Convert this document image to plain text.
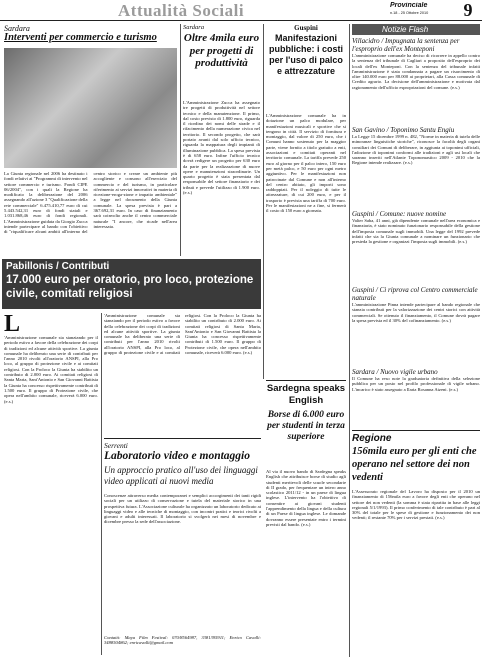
Attualità Sociali	Provinciale
n.18 - 25 Ottobre 2010	9
Sardara
Interventi per commercio e turismo
La Giunta regionale nel 2006 ha destinato i fondi relativi ai "Programmi di intervento nel settore commercio e turismo. Fondi CIPE 06/2004", con i quali la Regione ha modificato la deliberazione del 2006 assegnando all'azione 3 "Qualificazione della rete commerciale" 6.475.410,77 euro di cui 5.443.542,31 euro di fondi statali e 1.031.868,46 euro di fondi regionali. L'Amministrazione guidata da Giorgio Zucca intende partecipare al bando con l'obiettivo di "riqualificare alcuni ambiti all'interno del centro storico e creare un ambiente più accogliente e consono all'esercizio del commercio e del turismo, in particolare riferimento ai servizi innovativi in materia di ricezione-eroga-zione e impatto ambientale" a legge nel documento della Giunta comunale. La spesa prevista è pari a 367.692,31 euro. In caso di finanziamento sarà coinvolto anche il centro commerciale naturale "I ancore, che ricade nell'area interessata.
Sardara
Oltre 4mila euro per progetti di produttività
L'Amministrazione Zucca ha assegnato tre progetti di produttività nel settore tecnico e della manutenzione. Il primo, dal costo previsto di 1.800 euro, riguarda il riordino dei nomi delle strade e il rifacimento della numerazione civica nel territorio. Il secondo progetto, che sarà portato avanti dal solo ufficio tecnico, riguarda la mappatura degli impianti di illuminazione pubblica. La spesa prevista è di 658 euro. Infine l'ufficio tecnico dovrà redigere un progetto per 630 euro da parte per la realizzazione di nuove opere e manutenzioni straordinarie. Un quarto progetto è stata presentata dal responsabile del settore finanziario e dei tributi e prevede l'utilizzo di 1.900 euro. (e.s.)
Guspini
Manifestazioni pubbliche: i costi per l'uso di palco e attrezzature
L'Amministrazione comunale ha in dotazione un palco modulare, per manifestazioni musicali e sportive che si tengono in città. Il servizio di fornitura e montaggio, dal valore di 250 euro, che i Comuni hanno sostenuto per la maggior parte, viene fornito a titolo gratuito a enti, associazioni e comitati operanti nel territorio comunale. La tariffa prevede 250 euro al giorno per il palco intero, 150 euro per metà palco, e 50 euro per ogni metro aggiuntivo. Per le manifestazioni non patrocinate dal Comune e non all'interno del centro abitato, gli importi sono raddoppiati. Per il noleggio di tutte le attrezzature, di cui 200 euro, e per il trasporto è prevista una tariffa di 700 euro. Per le manifestazioni ne a fine, si fermerà il costo di 150 euro a giornata.
Notizie Flash
Villacidro / Impugnata la sentenza per l'esproprio dell'ex Monteponi
L'amministrazione comunale ha deciso di ricorrere in appello contro la sentenza del tribunale di Cagliari a proposito dell'esproprio dei locali dell'ex Monteponi. Con la sentenza del tribunale infatti l'amministrazione è stata condannata a pagare un risarcimento di oltre 140.000 euro per 88.000 ai proprietari, alla Cassa comunale di Credito agrario. La decisione dell'amministrazione e motivata dal ragionamento dell'ufficio espropriazioni del comune. (e.s.)
San Gavino / Toponimo Santu Engiu
La Legge 15 dicembre 1999 n. 482, "Norme in materia di tutela delle minoranze linguistiche storiche", riconosce la facoltà degli organi consiliari dei Comuni di deliberare, in aggiunta ai toponimi ufficiali, l'adozione di toponimi conformi alle tradizioni e agli usi locali che saranno inseriti nell'Atlante Toponomastico 2009 - 2010 che la Regione intende realizzare. (e.s.)
Guspini / Comune: nuove nomine
Valter Saba, 41 anni, già dipendente comunale nell'area economica e finanziaria, è stato nominato funzionario responsabile della gestione dell'imposta comunale sugli immobili. Una legge del 1992 prevede infatti che sia la Giunta comunale a nominare un funzionario che presieda la gestione e organizzi l'imposta sugli immobili. (e.s.)
Guspini / Ci riprova col Centro commerciale naturale
L'amministrazione Pinna intende partecipare al bando regionale che stanzia contributi per la valorizzazione dei centri storici con attività commerciali. Se ottenuto il finanziamento, il Comune dovrà pagare la spesa prevista ed il 30% del cofinanziamento. (e.s.)
Sardara / Nuovo vigile urbano
Il Comune ha reso note la graduatoria definitiva della selezione pubblica per un posto nel profilo professionale di vigile urbano. L'incarico è stato assegnato a Ilaria Rosanna Atzeni. (e.s.)
Regione
156mila euro per gli enti che operano nel settore dei non vedenti
L'Assessorato regionale del Lavoro ha disposto per il 2010 un finanziamento di 156mila euro a favore degli enti che operano nel settore dei non vedenti (la somma è stata ripartita in base alle leggi regionali 5/1/1993). Il primo conferimento di tale contributo è pari al 30% del totale per le spese di gestione e funzionamento dei non vedenti; il restante 70% per i servizi prestati. (e.s.)
Pabillonis / Contributi
17.000 euro per oratorio, pro loco, protezione civile, comitati religiosi
L
'Amministrazione comunale sta stanziando per il periodo estivo a favore della celebrazione dei corpi di tradizioni ed alcune attività sportive. La giunta comunale ha deliberato una serie di contributi per l'anno 2010 rivolti all'oratorio ANSPI, alla Pro loco, al gruppo di protezione civile e ai comitati religiosi. Con la Proloco la Giunta ha stabilito un contributo di 2.000 euro. Ai comitati religiosi di Santa Maria, Sant'Antonio e San Giovanni Battista la Giunta ha concesso rispettivamente contributi di 1.500 euro. Il gruppo di Protezione civile, che opera nell'ambito comunale, riceverà 6.000 euro. (e.s.)
'Amministrazione comunale sta stanziando per il periodo estivo a favore della celebrazione dei corpi di tradizioni ed alcune attività sportive. La giunta comunale ha deliberato una serie di contributi per l'anno 2010 rivolti all'oratorio ANSPI, alla Pro loco, al gruppo di protezione civile e ai comitati religiosi. Con la Proloco la Giunta ha stabilito un contributo di 2.000 euro. Ai comitati religiosi di Santa Maria, Sant'Antonio e San Giovanni Battista la Giunta ha concesso rispettivamente contributi di 1.500 euro. Il gruppo di Protezione civile, che opera nell'ambito comunale, riceverà 6.000 euro. (e.s.)
Serrenti
Laboratorio video e montaggio
Un approccio pratico all'uso dei linguaggi video applicati ai nuovi media
Conoscenze attraverso media contemporanei e semplici accorgimenti dei tanti rigidi sociali per un utilizzo di conservazione e tutela del materiale storico in una prospettiva futura. L'Associazione culturale ha organizzato un laboratorio dedicato ai linguaggi video e alle tecniche di montaggio, con incontri pratici e teorici rivolti a giovani e adulti interessati. Il laboratorio si svolgerà nei mesi di novembre e dicembre presso la sede dell'associazione.
Contatti: Maya Film Festival: 070/8564987, 3381395911; Enrico Cavalli: 3488504862; enricavalli@gmail.com
Sardegna speaks English
Borse di 6.000 euro per studenti in terza superiore
Al via il nuovo bando di Sardegna speaks English che attribuisce borse di studio agli studenti meritevoli delle scuole secondarie di II grado, per frequentare un intero anno scolastico 2011/12 - in un paese di lingua inglese. L'intervento ha l'obiettivo di consentire ai giovani studenti l'apprendimento della lingua e della cultura di un Paese di lingua inglese. Le domande dovranno essere presentate entro i termini previsti dal bando. (e.s.)
